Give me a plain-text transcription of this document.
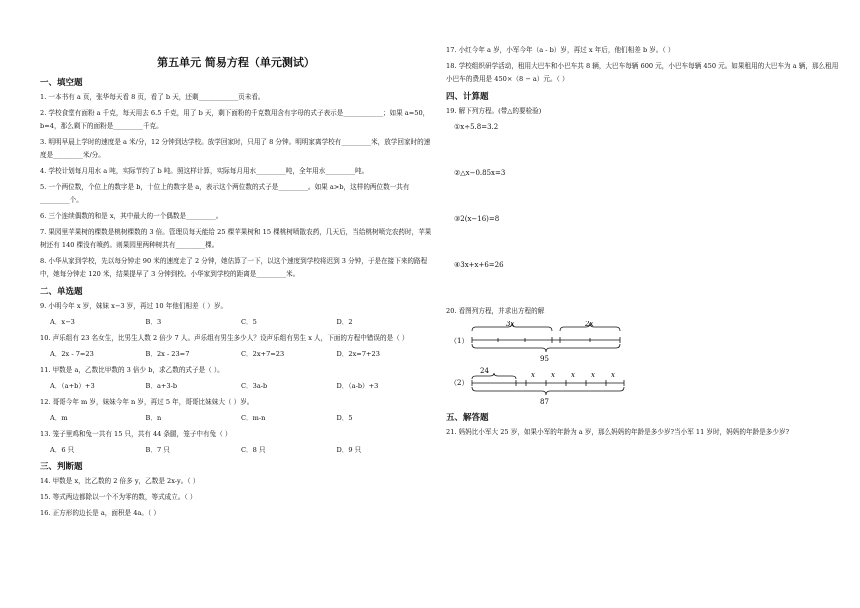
第五单元 简易方程（单元测试）
一、填空题
1. 一本书有 a 页，张华每天看 8 页，看了 b 天，还剩____________页未看。
2. 学校食堂有面粉 a 千克，每天用去 6.5 千克，用了 b 天，剩下面粉的千克数用含有字母的式子表示是____________；如果 a=50，b=4，那么剩下的面粉是_________千克。
3. 明明早晨上学时的速度是 a 米/分，12 分钟到达学校。放学回家时，只用了 8 分钟。明明家离学校有_________米，放学回家时的速度是_________米/分。
4. 学校计划每月用水 a 吨，实际节约了 b 吨。照这样计算，实际每月用水_________吨，全年用水_________吨。
5. 一个两位数，个位上的数字是 b，十位上的数字是 a，表示这个两位数的式子是_________。如果 a>b，这样的两位数一共有_________个。
6. 三个连续偶数的和是 x，其中最大的一个偶数是_________。
7. 果园里苹果树的棵数是桃树棵数的 3 倍。管理员每天能给 25 棵苹果树和 15 棵桃树喷散农药，几天后，当给桃树喷完农药时，苹果树还有 140 棵没有喷药。则果园里两种树共有_________棵。
8. 小华从家到学校，先以每分钟走 90 米的速度走了 2 分钟，她估算了一下，以这个速度到学校将迟到 3 分钟，于是在接下来的路程中，她每分钟走 120 米，结果提早了 3 分钟到校。小华家到学校的距离是_________米。
二、单选题
9. 小明今年 x 岁，妹妹 x−3 岁，再过 10 年他们相差（ ）岁。
A．x−3	B．3	C．5	D．2
10. 声乐组有 23 名女生，比男生人数 2 倍少 7 人。声乐组有男生多少人？设声乐组有男生 x 人，下面的方程中错误的是（ ）
A．2x - 7=23	B．2x - 23=7	C．2x+7=23	D．2x=7+23
11. 甲数是 a，乙数比甲数的 3 倍少 b，求乙数的式子是（ ）。
A．（a+b）+3	B．a+3-b	C．3a-b	D．（a-b）+3
12. 哥哥今年 m 岁，妹妹今年 n 岁，再过 5 年，哥哥比妹妹大（ ）岁。
A．m	B．n	C．m-n	D．5
13. 笼子里鸡和兔一共有 15 只，共有 44 条腿，笼子中有兔（ ）
A．6 只	B．7 只	C．8 只	D．9 只
三、判断题
14. 甲数是 x，比乙数的 2 倍多 y，乙数是 2x-y。（ ）
15. 等式两边都除以一个不为零的数，等式成立。（ ）
16. 正方形的边长是 a，面积是 4a。（ ）
17. 小红今年 a 岁，小军今年（a - b）岁，再过 x 年后，他们相差 b 岁。（ ）
18. 学校组织研学活动，租用大巴车和小巴车共 8 辆，大巴车每辆 600 元，小巴车每辆 450 元。如果租用的大巴车为 a 辆，那么租用小巴车的费用是 450×（8 − a）元。（ ）
四、计算题
19. 解下列方程。(带△的要检验)
①x÷5.8=3.2
②△x−0.85x=3
③2(x−16)=8
④3x+x+6=26
20. 看图列方程，并求出方程的解
（1）
3x	2x
95
（2）
24	x x x x x
87
五、解答题
21. 妈妈比小军大 25 岁，如果小军的年龄为 a 岁，那么妈妈的年龄是多少岁?当小军 11 岁时，妈妈的年龄是多少岁?
